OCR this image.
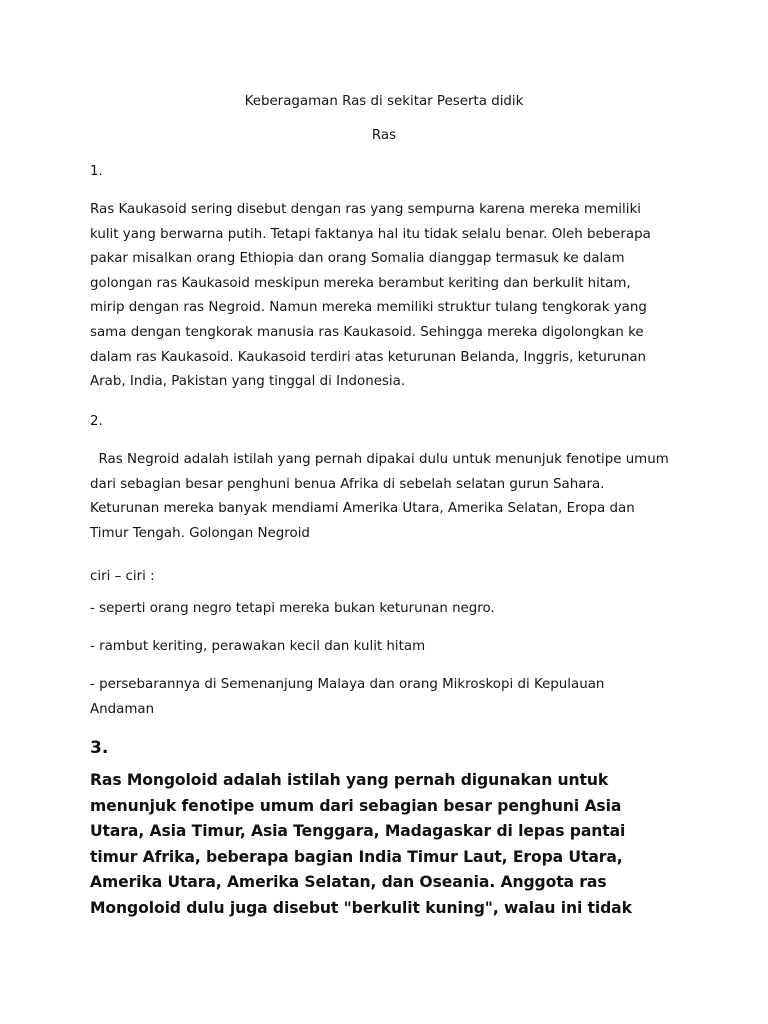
Keberagaman Ras di sekitar Peserta didik
Ras
1.
Ras Kaukasoid sering disebut dengan ras yang sempurna karena mereka memiliki
kulit yang berwarna putih. Tetapi faktanya hal itu tidak selalu benar. Oleh beberapa
pakar misalkan orang Ethiopia dan orang Somalia dianggap termasuk ke dalam
golongan ras Kaukasoid meskipun mereka berambut keriting dan berkulit hitam,
mirip dengan ras Negroid. Namun mereka memiliki struktur tulang tengkorak yang
sama dengan tengkorak manusia ras Kaukasoid. Sehingga mereka digolongkan ke
dalam ras Kaukasoid. Kaukasoid terdiri atas keturunan Belanda, Inggris, keturunan
Arab, India, Pakistan yang tinggal di Indonesia.
2.
Ras Negroid adalah istilah yang pernah dipakai dulu untuk menunjuk fenotipe umum
dari sebagian besar penghuni benua Afrika di sebelah selatan gurun Sahara.
Keturunan mereka banyak mendiami Amerika Utara, Amerika Selatan, Eropa dan
Timur Tengah. Golongan Negroid
ciri – ciri :
- seperti orang negro tetapi mereka bukan keturunan negro.
- rambut keriting, perawakan kecil dan kulit hitam
- persebarannya di Semenanjung Malaya dan orang Mikroskopi di Kepulauan
Andaman
3.
Ras Mongoloid adalah istilah yang pernah digunakan untuk
menunjuk fenotipe umum dari sebagian besar penghuni Asia
Utara, Asia Timur, Asia Tenggara, Madagaskar di lepas pantai
timur Afrika, beberapa bagian India Timur Laut, Eropa Utara,
Amerika Utara, Amerika Selatan, dan Oseania. Anggota ras
Mongoloid dulu juga disebut "berkulit kuning", walau ini tidak
